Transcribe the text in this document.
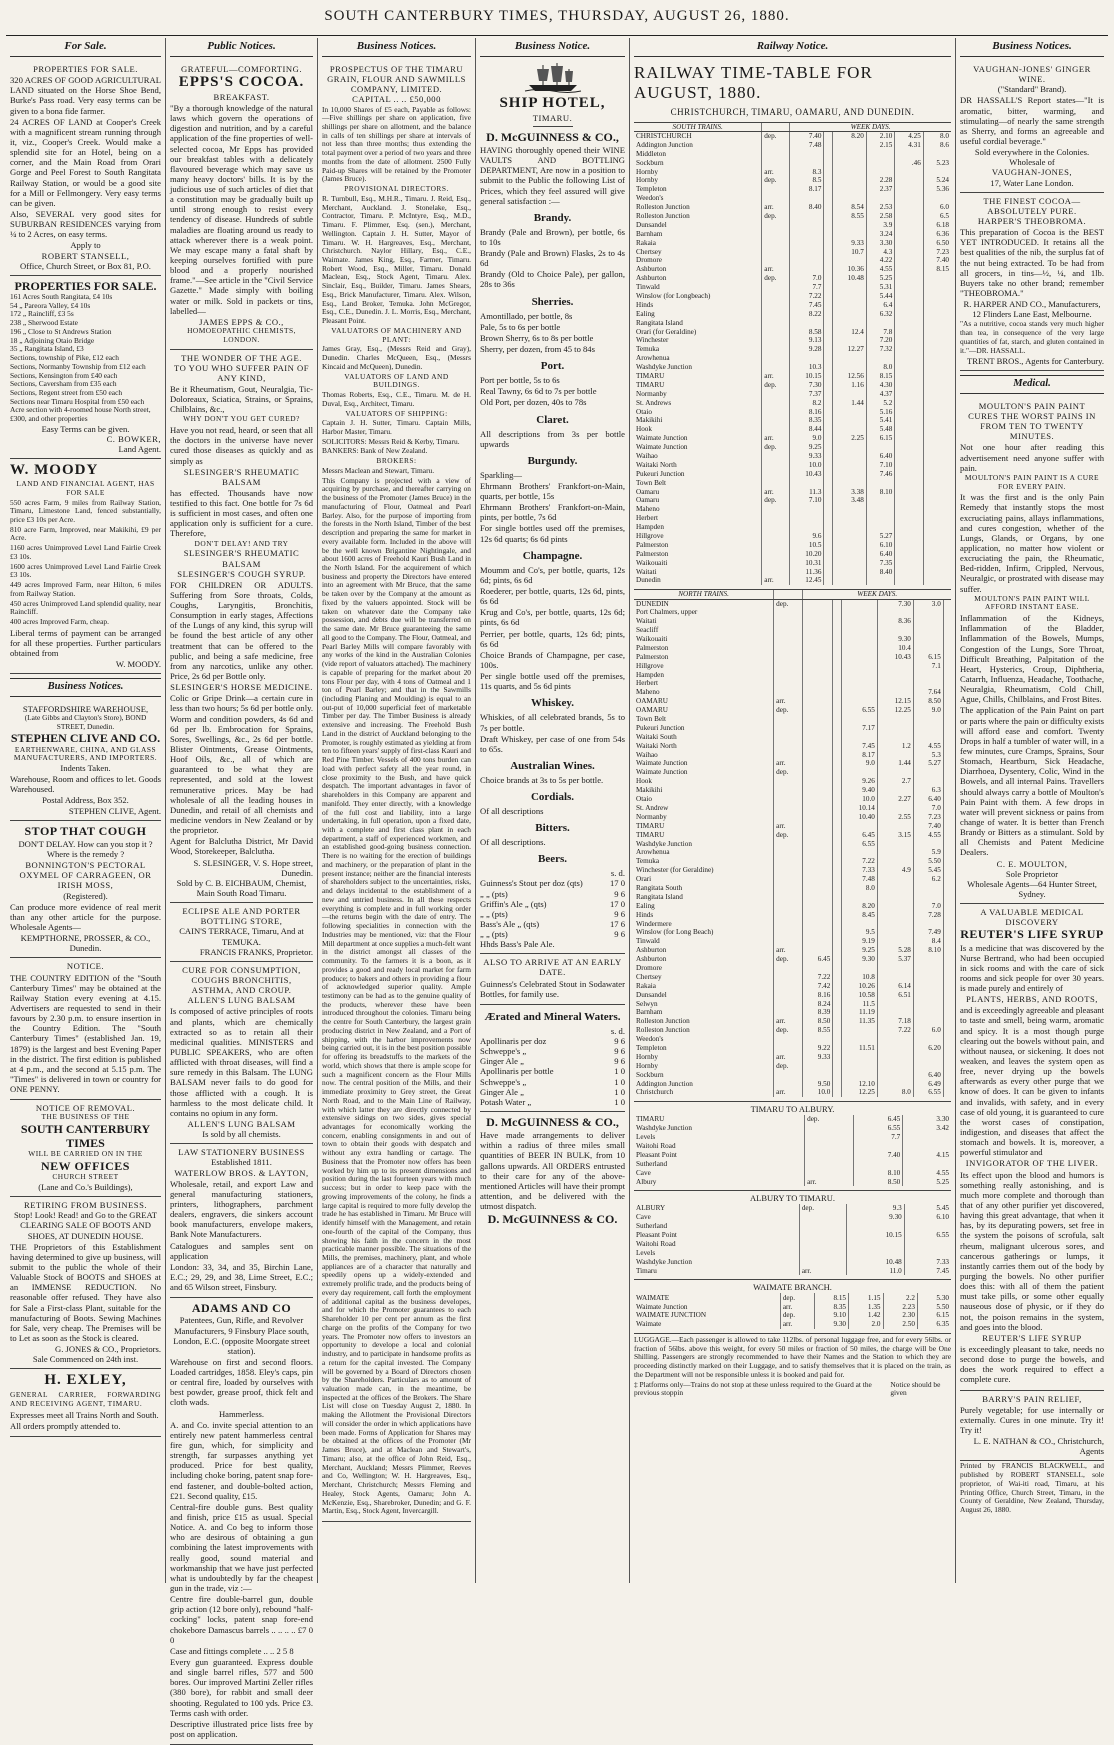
SOUTH CANTERBURY TIMES, THURSDAY, AUGUST 26, 1880.
For Sale.
PROPERTIES FOR SALE.

320 ACRES OF GOOD AGRICULTURAL LAND situated on the Horse Shoe Bend, Burke's Pass road. Very easy terms can be given to a bona fide farmer.

24 ACRES OF LAND at Cooper's Creek with a magnificent stream running through it, viz., Cooper's Creek. Would make a splendid site for an Hotel, being on a corner, and the Main Road from Orari Gorge and Peel Forest to South Rangitata Railway Station, or would be a good site for a Mill or Fellmongery. Very easy terms can be given.

Also, SEVERAL very good sites for SUBURBAN RESIDENCES varying from ¼ to 2 Acres, on easy terms.

Apply to
ROBERT STANSELL,
Office, Church Street, or Box 81, P.O.
PROPERTIES FOR SALE.
161 Acres South Rangitata, £4 10s
54 „ Pareora Valley, £4 10s
172 „ Raincliff, £3 5s
238 „ Sherwood Estate
196 „ Close to St Andrews Station
18 „ Adjoining Otaio Bridge
35 „ Rangitata Island, £3
Sections, township of Pike, £12 each
Sections, Normanby Township from £12 each
Sections, Kensington from £40 each
Sections, Caversham from £35 each
Sections, Regent street from £50 each
Sections near Timaru Hospital from £50 each
Acre section with 4-roomed house North street, £300, and other properties
Easy Terms can be given.
C. BOWKER,
Land Agent.
W. MOODY
LAND AND FINANCIAL AGENT, HAS FOR SALE

550 acres Farm, 9 miles from Railway Station, Timaru, Limestone Land, fenced substantially, price £3 10s per Acre.

810 acre Farm, Improved, near Makikihi, £9 per Acre.

1160 acres Unimproved Level Land Fairlie Creek £3 10s.

1600 acres Unimproved Level Land Fairlie Creek £3 10s.

449 acres Improved Farm, near Hilton, 6 miles from Railway Station.

450 acres Unimproved Land splendid quality, near Raincliff.

400 acres Improved Farm, cheap.

Liberal terms of payment can be arranged for all these properties. Further particulars obtained from

W. MOODY.
Business Notices.
STAFFORDSHIRE WAREHOUSE,
(Late Gibbs and Clayton's Store), BOND STREET, Dunedin.
STEPHEN CLIVE AND CO.
EARTHENWARE, CHINA, AND GLASS MANUFACTURERS, AND IMPORTERS.
Indents Taken.

Warehouse, Room and offices to let. Goods Warehoused.

Postal Address, Box 352.
STEPHEN CLIVE, Agent.
STOP THAT COUGH

DON'T DELAY. How can you stop it ? Where is the remedy ?

BONNINGTON'S PECTORAL OXYMEL OF CARRAGEEN, OR IRISH MOSS,
(Registered).

Can produce more evidence of real merit than any other article for the purpose. Wholesale Agents—

KEMPTHORNE, PROSSER, & CO., Dunedin.
NOTICE.

THE COUNTRY EDITION of the "South Canterbury Times" may be obtained at the Railway Station every evening at 4.15. Advertisers are requested to send in their favours by 2.30 p.m. to ensure insertion in the Country Edition. The "South Canterbury Times" (established Jan. 19, 1879) is the largest and best Evening Paper in the district. The first edition is published at 4 p.m., and the second at 5.15 p.m. The "Times" is delivered in town or country for ONE PENNY.

NOTICE OF REMOVAL.
THE BUSINESS OF THE
SOUTH CANTERBURY TIMES
WILL BE CARRIED ON IN THE
NEW OFFICES
CHURCH STREET
(Lane and Co.'s Buildings),
RETIRING FROM BUSINESS.
Stop! Look! Read! and Go to the GREAT CLEARING SALE OF BOOTS AND SHOES, AT DUNEDIN HOUSE.

THE Proprietors of this Establishment having determined to give up business, will submit to the public the whole of their Valuable Stock of BOOTS and SHOES at an IMMENSE REDUCTION. No reasonable offer refused. They have also for Sale a First-class Plant, suitable for the manufacturing of Boots. Sewing Machines for Sale, very cheap. The Premises will be to Let as soon as the Stock is cleared.

G. JONES & CO., Proprietors.
Sale Commenced on 24th inst.
H. EXLEY,

GENERAL CARRIER, FORWARDING AND RECEIVING AGENT, TIMARU.

Expresses meet all Trains North and South.

All orders promptly attended to.

Public Notices.
GRATEFUL—COMFORTING.
EPPS'S COCOA.
BREAKFAST.

"By a thorough knowledge of the natural laws which govern the operations of digestion and nutrition, and by a careful application of the fine properties of well-selected cocoa, Mr Epps has provided our breakfast tables with a delicately flavoured beverage which may save us many heavy doctors' bills. It is by the judicious use of such articles of diet that a constitution may be gradually built up until strong enough to resist every tendency of disease. Hundreds of subtle maladies are floating around us ready to attack wherever there is a weak point. We may escape many a fatal shaft by keeping ourselves fortified with pure blood and a properly nourished frame."—See article in the "Civil Service Gazette." Made simply with boiling water or milk. Sold in packets or tins, labelled—

JAMES EPPS & CO.,
HOMOEOPATHIC CHEMISTS, LONDON.
THE WONDER OF THE AGE.
TO YOU WHO SUFFER PAIN OF ANY KIND,

Be it Rheumatism, Gout, Neuralgia, Tic-Doloreaux, Sciatica, Strains, or Sprains, Chilblains, &c.,

WHY DON'T YOU GET CURED?

Have you not read, heard, or seen that all the doctors in the universe have never cured those diseases as quickly and as simply as

SLESINGER'S RHEUMATIC BALSAM

has effected. Thousands have now testified to this fact. One bottle for 7s 6d is sufficient in most cases, and often one application only is sufficient for a cure. Therefore,

DON'T DELAY! AND TRY
SLESINGER'S RHEUMATIC BALSAM
SLESINGER'S COUGH SYRUP.

FOR CHILDREN OR ADULTS. Suffering from Sore throats, Colds, Coughs, Laryngitis, Bronchitis, Consumption in early stages, Affections of the Lungs of any kind, this syrup will be found the best article of any other treatment that can be offered to the public, and being a safe medicine, free from any narcotics, unlike any other. Price, 2s 6d per Bottle only.

SLESINGER'S HORSE MEDICINE.

Colic or Gripe Drink—a certain cure in less than two hours; 5s 6d per bottle only. Worm and condition powders, 4s 6d and 6d per lb. Embrocation for Sprains, Sores, Swellings, &c., 2s 6d per bottle. Blister Ointments, Grease Ointments, Hoof Oils, &c., all of which are guaranteed to be what they are represented, and sold at the lowest remunerative prices. May be had wholesale of all the leading houses in Dunedin, and retail of all chemists and medicine vendors in New Zealand or by the proprietor.

Agent for Balclutha District, Mr David Wood, Storekeeper, Balclutha.

S. SLESINGER, V. S. Hope street, Dunedin.
Sold by C. B. EICHBAUM, Chemist, Main South Road Timaru.
ECLIPSE ALE AND PORTER BOTTLING STORE,
CAIN'S TERRACE, Timaru, And at TEMUKA.
FRANCIS FRANKS, Proprietor.
CURE FOR CONSUMPTION, COUGHS BRONCHITIS, ASTHMA, AND CROUP.
ALLEN'S LUNG BALSAM

Is composed of active principles of roots and plants, which are chemically extracted so as to retain all their medicinal qualities. MINISTERS and PUBLIC SPEAKERS, who are often afflicted with throat diseases, will find a sure remedy in this Balsam. The LUNG BALSAM never fails to do good for those afflicted with a cough. It is harmless to the most delicate child. It contains no opium in any form.

ALLEN'S LUNG BALSAM
Is sold by all chemists.
LAW STATIONERY BUSINESS
Established 1811.
WATERLOW BROS. & LAYTON,

Wholesale, retail, and export Law and general manufacturing stationers, printers, lithographers, parchment dealers, engravers, die sinkers account book manufacturers, envelope makers, Bank Note Manufacturers.

Catalogues and samples sent on application

London: 33, 34, and 35, Birchin Lane, E.C.; 29, 29, and 38, Lime Street, E.C.; and 65 Wilson street, Finsbury.

ADAMS AND CO
Patentees, Gun, Rifle, and Revolver Manufacturers, 9 Finsbury Place south, London, E.C. (opposite Moorgate street station).

Warehouse on first and second floors. Loaded cartridges, 1858. Eley's caps, pin or central fire, loaded by ourselves with best powder, grease proof, thick felt and cloth wads.

Hammerless.

A. and Co. invite special attention to an entirely new patent hammerless central fire gun, which, for simplicity and strength, far surpasses anything yet produced. Price for best quality, including choke boring, patent snap fore-end fastener, and double-bolted action, £21. Second quality, £15.

Central-fire double guns. Best quality and finish, price £15 as usual. Special Notice. A. and Co beg to inform those who are desirous of obtaining a gun combining the latest improvements with really good, sound material and workmanship that we have just perfected what is undoubtedly by far the cheapest gun in the trade, viz :—

Centre fire double-barrel gun, double grip action (12 bore only), rebound "half-cocking" locks, patent snap fore-end chokebore Damascus barrels .. .. .. .. £7 0 0

Case and fittings complete .. .. 2 5 8

Every gun guaranteed. Express double and single barrel rifles, 577 and 500 bores. Our improved Martini Zeller rifles (380 bore), for rabbit and small deer shooting. Regulated to 100 yds. Price £3. Terms cash with order.

Descriptive illustrated price lists free by post on application.

Business Notices.
PROSPECTUS OF THE TIMARU GRAIN, FLOUR AND SAWMILLS COMPANY, LIMITED.
CAPITAL .. .. £50,000

In 10,000 Shares of £5 each, Payable as follows:—Five shillings per share on application, five shillings per share on allotment, and the balance in calls of ten shillings per share at intervals of not less than three months; thus extending the total payment over a period of two years and three months from the date of allotment. 2500 Fully Paid-up Shares will be retained by the Promoter (James Bruce).

PROVISIONAL DIRECTORS.

R. Turnbull, Esq., M.H.R., Timaru. J. Reid, Esq., Merchant, Auckland. J. Stonelake, Esq., Contractor, Timaru. P. McIntyre, Esq., M.D., Timaru. F. Plimmer, Esq. (sen.), Merchant, Wellington. Captain J. H. Sutter, Mayor of Timaru. W. H. Hargreaves, Esq., Merchant, Christchurch. Naylor Hillary, Esq., C.E., Waimate. James King, Esq., Farmer, Timaru. Robert Wood, Esq., Miller, Timaru. Donald Maclean, Esq., Stock Agent, Timaru. Alex. Sinclair, Esq., Builder, Timaru. James Shears, Esq., Brick Manufacturer, Timaru. Alex. Wilson, Esq., Land Broker, Temuka. John McGregor, Esq., C.E., Dunedin. J. L. Morris, Esq., Merchant, Pleasant Point.

VALUATORS OF MACHINERY AND PLANT:

James Gray, Esq., (Messrs Reid and Gray), Dunedin. Charles McQueen, Esq., (Messrs Kincaid and McQueen), Dunedin.

VALUATORS OF LAND AND BUILDINGS.

Thomas Roberts, Esq., C.E., Timaru. M. de H. Duval, Esq., Architect, Timaru.

VALUATORS OF SHIPPING:

Captain J. H. Sutter, Timaru. Captain Mills, Harbor Master, Timaru.

SOLICITORS: Messrs Reid & Kerby, Timaru.

BANKERS: Bank of New Zealand.

BROKERS:

Messrs Maclean and Stewart, Timaru.

This Company is projected with a view of acquiring by purchase, and thereafter carrying on the business of the Promoter (James Bruce) in the manufacturing of Flour, Oatmeal and Pearl Barley. Also, for the purpose of importing from the forests in the North Island, Timber of the best description and preparing the same for market in every available form. Included in the above will be the well known Brigantine Nightingale, and about 1600 acres of Freehold Kauri Bush Land in the North Island. For the acquirement of which business and property the Directors have entered into an agreement with Mr Bruce, that the same be taken over by the Company at the amount as fixed by the valuers appointed. Stock will be taken on whatever date the Company take possession, and debts due will be transferred on the same date. Mr Bruce guaranteeing the same all good to the Company. The Flour, Oatmeal, and Pearl Barley Mills will compare favorably with any works of the kind in the Australian Colonies (vide report of valuators attached). The machinery is capable of preparing for the market about 20 tons Flour per day, with 4 tons of Oatmeal and 1 ton of Pearl Barley; and that in the Sawmills (including Planing and Moulding) is equal to an out-put of 10,000 superficial feet of marketable Timber per day. The Timber Business is already extensive and increasing. The Freehold Bush Land in the district of Auckland belonging to the Promoter, is roughly estimated as yielding at from ten to fifteen years' supply of first-class Kauri and Red Pine Timber. Vessels of 400 tons burden can load with perfect safety all the year round, in close proximity to the Bush, and have quick despatch. The important advantages in favor of shareholders in this Company are apparent and manifold. They enter directly, with a knowledge of the full cost and liability, into a large undertaking, in full operation, upon a fixed date, with a complete and first class plant in each department, a staff of experienced workmen, and an established good-going business connection. There is no waiting for the erection of buildings and machinery, or the preparation of plant in the present instance; neither are the financial interests of shareholders subject to the uncertainties, risks, and delays incidental to the establishment of a new and untried business. In all these respects everything is complete and in full working order—the returns begin with the date of entry. The following specialities in connection with the Industries may be mentioned, viz: that the Flour Mill department at once supplies a much-felt want in the district amongst all classes of the community. To the farmers it is a boon, as it provides a good and ready local market for farm produce; to bakers and others in providing a flour of acknowledged superior quality. Ample testimony can be had as to the genuine quality of the products, wherever these have been introduced throughout the colonies. Timaru being the centre for South Canterbury, the largest grain producing district in New Zealand, and a Port of shipping, with the harbor improvements now being carried out, it is in the best position possible for offering its breadstuffs to the markets of the world, which shows that there is ample scope for such a magnificent concern as the Flour Mills now. The central position of the Mills, and their immediate proximity to Grey street, the Great North Road, and to the Main Line of Railway, with which latter they are directly connected by extensive sidings on two sides, gives special advantages for economically working the concern, enabling consignments in and out of town to obtain their goods with despatch and without any extra handling or cartage. The Business that the Promoter now offers has been worked by him up to its present dimensions and position during the last fourteen years with much success; but in order to keep pace with the growing improvements of the colony, he finds a large capital is required to more fully develop the trade he has established in Timaru. Mr Bruce will identify himself with the Management, and retain one-fourth of the capital of the Company, thus showing his faith in the concern in the most practicable manner possible. The situations of the Mills, the premises, machinery, plant, and whole appliances are of a character that naturally and speedily opens up a widely-extended and extremely prolific trade, and the products being of every day requirement, call forth the employment of additional capital as the business developes, and for which the Promoter guarantees to each Shareholder 10 per cent per annum as the first charge on the profits of the Company for two years. The Promoter now offers to investors an opportunity to develope a local and colonial industry, and to participate in handsome profits as a return for the capital invested. The Company will be governed by a Board of Directors chosen by the Shareholders. Particulars as to amount of valuation made can, in the meantime, be inspected at the offices of the Brokers. The Share List will close on Tuesday August 2, 1880. In making the Allotment the Provisional Directors will consider the order in which applications have been made. Forms of Application for Shares may be obtained at the offices of the Promoter (Mr James Bruce), and at Maclean and Stewart's, Timaru; also, at the office of John Reid, Esq., Merchant, Auckland; Messrs Plimmer, Reeves and Co, Wellington; W. H. Hargreaves, Esq., Merchant, Christchurch; Messrs Fleming and Healey, Stock Agents, Oamaru; John A. McKenzie, Esq., Sharebroker, Dunedin; and G. F. Martin, Esq., Stock Agent, Invercargill.

Business Notice.
SHIP HOTEL,
TIMARU.
D. McGUINNESS & CO.,

HAVING thoroughly opened their WINE VAULTS AND BOTTLING DEPARTMENT, Are now in a position to submit to the Public the following List of Prices, which they feel assured will give general satisfaction :—

Brandy.

Brandy (Pale and Brown), per bottle, 6s to 10s

Brandy (Pale and Brown) Flasks, 2s to 4s 6d

Brandy (Old to Choice Pale), per gallon, 28s to 36s

Sherries.

Amontillado, per bottle, 8s

Pale, 5s to 6s per bottle

Brown Sherry, 6s to 8s per bottle

Sherry, per dozen, from 45 to 84s

Port.

Port per bottle, 5s to 6s

Real Tawny, 6s 6d to 7s per bottle

Old Port, per dozen, 40s to 78s

Claret.

All descriptions from 3s per bottle upwards

Burgundy.

Sparkling—

Ehrmann Brothers' Frankfort-on-Main, quarts, per bottle, 15s

Ehrmann Brothers' Frankfort-on-Main, pints, per bottle, 7s 6d

For single bottles used off the premises, 12s 6d quarts; 6s 6d pints

Champagne.

Moumm and Co's, per bottle, quarts, 12s 6d; pints, 6s 6d

Roederer, per bottle, quarts, 12s 6d, pints, 6s 6d

Krug and Co's, per bottle, quarts, 12s 6d; pints, 6s 6d

Perrier, per bottle, quarts, 12s 6d; pints, 6s 6d

Choice Brands of Champagne, per case, 100s.

Per single bottle used off the premises, 11s quarts, and 5s 6d pints

Whiskey.

Whiskies, of all celebrated brands, 5s to 7s per bottle.

Draft Whiskey, per case of one from 54s to 65s.

Australian Wines.

Choice brands at 3s to 5s per bottle.

Cordials.

Of all descriptions

Bitters.

Of all descriptions.

Beers.
s. d.
Guinness's Stout per doz (qts)	17 0
„ „ (pts)	9 6
Griffin's Ale „ (qts)	17 0
„ „ (pts)	9 6
Bass's Ale „ (qts)	17 6
„ „ (pts)	9 6
Hhds Bass's Pale Ale.
ALSO TO ARRIVE AT AN EARLY DATE.

Guinness's Celebrated Stout in Sodawater Bottles, for family use.

Ærated and Mineral Waters.
s. d.
Apollinaris per doz	9 6
Schweppe's „	9 6
Ginger Ale „	9 6
Apollinaris per bottle	1 0
Schweppe's „	1 0
Ginger Ale „	1 0
Potash Water „	1 0
D. McGUINNESS & CO.,

Have made arrangements to deliver within a radius of three miles small quantities of BEER IN BULK, from 10 gallons upwards. All ORDERS entrusted to their care for any of the above-mentioned Articles will have their prompt attention, and be delivered with the utmost dispatch.

D. McGUINNESS & CO.
Railway Notice.
RAILWAY TIME-TABLE FOR AUGUST, 1880.
CHRISTCHURCH, TIMARU, OAMARU, AND DUNEDIN.
SOUTH TRAINS.		WEEK DAYS.					
CHRISTCHURCH	dep.	7.40		8.20	2.10	4.25	8.0
Addington Junction		7.48			2.15	4.31	8.6
Middleton							
Sockburn						.46	5.23
Hornby	arr.	8.3					
Hornby	dep.	8.5			2.28		5.24
Templeton		8.17			2.37		5.36
Weedon's							
Rolleston Junction	arr.	8.40		8.54	2.53		6.0
Rolleston Junction	dep.			8.55	2.58		6.5
Dunsandel					3.9		6.18
Barnham					3.24		6.36
Rakaia				9.33	3.30		6.50
Chertsey				10.7	4.3		7.23
Dromore					4.22		7.40
Ashburton	arr.			10.36	4.55		8.15
Ashburton	dep.	7.0		10.48	5.25		
Tinwald		7.7			5.31		
Winslow (for Longbeach)		7.22			5.44		
Hinds		7.45			6.4		
Ealing		8.22			6.32		
Rangitata Island							
Orari (for Geraldine)		8.58		12.4	7.8		
Winchester		9.13			7.20		
Temuka		9.28		12.27	7.32		
Arowhenua							
Washdyke Junction		10.3			8.0		
TIMARU	arr.	10.15		12.56	8.15		
TIMARU	dep.	7.30		1.16	4.30		
Normanby		7.37			4.37		
St. Andrews		8.2		1.44	5.2		
Otaio		8.16			5.16		
Makikihi		8.35			5.41		
Hook		8.44			5.48		
Waimate Junction	arr.	9.0		2.25	6.15		
Waimate Junction	dep.	9.25					
Waihao		9.33			6.40		
Waitaki North		10.0			7.10		
Pukeuri Junction		10.43			7.46		
Town Belt							
Oamaru	arr.	11.3		3.38	8.10		
Oamaru	dep.	7.10		3.48			
Maheno							
Herbert							
Hampden							
Hillgrove		9.6			5.27		
Palmerston		10.5			6.10		
Palmerston		10.20			6.40		
Waikouaiti		10.31			7.35		
Waitati		11.36			8.40		
Dunedin	arr.	12.45					
NORTH TRAINS.		WEEK DAYS.					
DUNEDIN	dep.				7.30	3.0	
Port Chalmers, upper							
Waitati					8.36		
Seacliff							
Waikouaiti					9.30		
Palmerston					10.4		
Palmerston					10.43	6.15	
Hillgrove						7.1	
Hampden							
Herbert							
Maheno						7.64	
OAMARU	arr.				12.15	8.50	
OAMARU	dep.			6.55	12.25	9.0	
Town Belt							
Pukeuri Junction				7.17			
Waitaki South							
Waitaki North				7.45	1.2	4.55	
Waihao				8.17		5.3	
Waimate Junction	arr.			9.0	1.44	5.27	
Waimate Junction	dep.						
Hook				9.26	2.7		
Makikihi				9.40		6.3	
Otaio				10.0	2.27	6.40	
St. Andrew				10.14		7.0	
Normanby				10.40	2.55	7.23	
TIMARU	arr.					7.40	
TIMARU	dep.			6.45	3.15	4.55	
Washdyke Junction				6.55			
Arowhenua						5.9	
Temuka				7.22		5.50	
Winchester (for Geraldine)				7.33	4.9	5.45	
Orari				7.48		6.2	
Rangitata South				8.0			
Rangitata Island							
Ealing				8.20		7.0	
Hinds				8.45		7.28	
Windermere							
Winslow (for Long Beach)				9.5		7.49	
Tinwald				9.19		8.4	
Ashburton	arr.			9.25	5.28	8.10	
Ashburton	dep.	6.45		9.30	5.37		
Dromore							
Chertsey		7.22		10.8			
Rakaia		7.42		10.26	6.14		
Dunsandel		8.16		10.58	6.51		
Selwyn		8.24		11.5			
Barnham		8.39		11.19			
Rolleston Junction	arr.	8.50		11.35	7.18		
Rolleston Junction	dep.	8.55			7.22	6.0	
Weedon's							
Templeton		9.22		11.51		6.20	
Hornby	arr.	9.33					
Hornby	dep.						
Sockburn						6.40	
Addington Junction		9.50		12.10		6.49	
Christchurch	arr.	10.0		12.25	8.0	6.55	
TIMARU TO ALBURY.
TIMARU	dep.	6.45	3.30
Washdyke Junction		6.55	3.42
Levels		7.7	
Waitohi Road			
Pleasant Point		7.40	4.15
Sutherland			
Cave		8.10	4.55
Albury	arr.	8.50	5.25
ALBURY TO TIMARU.
ALBURY	dep.	9.3	5.45
Cave		9.30	6.10
Sutherland			
Pleasant Point		10.15	6.55
Waitohi Road			
Levels			
Washdyke Junction		10.48	7.33
Timaru	arr.	11.0	7.45
WAIMATE BRANCH.
WAIMATE	dep.	8.15	1.15	2.2	5.30
Waimate Junction	arr.	8.35	1.35	2.23	5.50
WAIMATE JUNCTION	dep.	9.10	1.42	2.30	6.15
Waimate	arr.	9.30	2.0	2.50	6.35

LUGGAGE.—Each passenger is allowed to take 112lbs. of personal luggage free, and for every 56lbs. or fraction of 56lbs. above this weight, for every 50 miles or fraction of 50 miles, the charge will be One Shilling. Passengers are strongly recommended to have their Names and the Station to which they are proceeding distinctly marked on their Luggage, and to satisfy themselves that it is placed on the train, as the Department will not be responsible unless it is booked and paid for.

‡ Platforms only—Trains do not stop at these unless required to the Guard at the previous stoppin
Notice should be given
Business Notices.
VAUGHAN-JONES' GINGER WINE.
("Standard" Brand).

DR HASSALL'S Report states—"It is aromatic, bitter, warming, and stimulating—of nearly the same strength as Sherry, and forms an agreeable and useful cordial beverage."

Sold everywhere in the Colonies.
Wholesale of
VAUGHAN-JONES,
17, Water Lane London.
THE FINEST COCOA—ABSOLUTELY PURE.
HARPER'S THEOBROMA.

This preparation of Cocoa is the BEST YET INTRODUCED. It retains all the best qualities of the nib, the surplus fat of the nut being extracted. To be had from all grocers, in tins—½, ¼, and 1lb. Buyers take no other brand; remember "THEOBROMA."

R. HARPER AND CO., Manufacturers,
12 Flinders Lane East, Melbourne.

"As a nutritive, cocoa stands very much higher than tea, in consequence of the very large quantities of fat, starch, and gluten contained in it."—DR. HASSALL.

TRENT BROS., Agents for Canterbury.
Medical.
MOULTON'S PAIN PAINT
CURES THE WORST PAINS IN FROM TEN TO TWENTY MINUTES.

Not one hour after reading this advertisement need anyone suffer with pain.

MOULTON'S PAIN PAINT IS A CURE FOR EVERY PAIN.

It was the first and is the only Pain Remedy that instantly stops the most excruciating pains, allays inflammations, and cures congestion, whether of the Lungs, Glands, or Organs, by one application, no matter how violent or excruciating the pain, the Rheumatic, Bed-ridden, Infirm, Crippled, Nervous, Neuralgic, or prostrated with disease may suffer.

MOULTON'S PAIN PAINT WILL AFFORD INSTANT EASE.

Inflammation of the Kidneys, Inflammation of the Bladder, Inflammation of the Bowels, Mumps, Congestion of the Lungs, Sore Throat, Difficult Breathing, Palpitation of the Heart, Hysterics, Croup, Diphtheria, Catarrh, Influenza, Headache, Toothache, Neuralgia, Rheumatism, Cold Chill, Ague, Chills, Chilblains, and Frost Bites.

The application of the Pain Paint on part or parts where the pain or difficulty exists will afford ease and comfort. Twenty Drops in half a tumbler of water will, in a few minutes, cure Cramps, Sprains, Sour Stomach, Heartburn, Sick Headache, Diarrhoea, Dysentery, Colic, Wind in the Bowels, and all internal Pains. Travellers should always carry a bottle of Moulton's Pain Paint with them. A few drops in water will prevent sickness or pains from change of water. It is better than French Brandy or Bitters as a stimulant. Sold by all Chemists and Patent Medicine Dealers.

C. E. MOULTON,
Sole Proprietor
Wholesale Agents—64 Hunter Street, Sydney.
A VALUABLE MEDICAL DISCOVERY
REUTER'S LIFE SYRUP

Is a medicine that was discovered by the Nurse Bertrand, who had been occupied in sick rooms and with the care of sick rooms and sick people for over 30 years. is made purely and entirely of

PLANTS, HERBS, AND ROOTS,

and is exceedingly agreeable and pleasant to taste and smell, being warm, aromatic and spicy. It is a most though purge clearing out the bowels without pain, and without nausea, or sickening. It does not weaken, and leaves the system open as free, never drying up the bowels afterwards as every other purge that we know of does. It can be given to infants and invalids, with safety, and in every case of old young, it is guaranteed to cure the worst cases of constipation, indigestion, and diseases that affect the stomach and bowels. It is, moreover, a powerful stimulator and

INVIGORATOR OF THE LIVER.

Its effect upon the blood and humors is something really astonishing, and is much more complete and thorough than that of any other purifier yet discovered, having this great advantage, that when it has, by its depurating powers, set free in the system the poisons of scrofula, salt rheum, malignant ulcerous sores, and cancerous gatherings or lumps, it instantly carries them out of the body by purging the bowels. No other purifier does this: with all of them the patient must take pills, or some other equally nauseous dose of physic, or if they do not, the poison remains in the system, and goes into the blood.

REUTER'S LIFE SYRUP

is exceedingly pleasant to take, needs no second dose to purge the bowels, and does the work required to effect a complete cure.

BARRY'S PAIN RELIEF,

Purely vegetable; for use internally or externally. Cures in one minute. Try it! Try it!

L. E. NATHAN & CO., Christchurch, Agents

Printed by FRANCIS BLACKWELL, and published by ROBERT STANSELL, sole proprietor, of Wai-iti road, Timaru, at his Printing Office, Church Street, Timaru, in the County of Geraldine, New Zealand, Thursday, August 26, 1880.
